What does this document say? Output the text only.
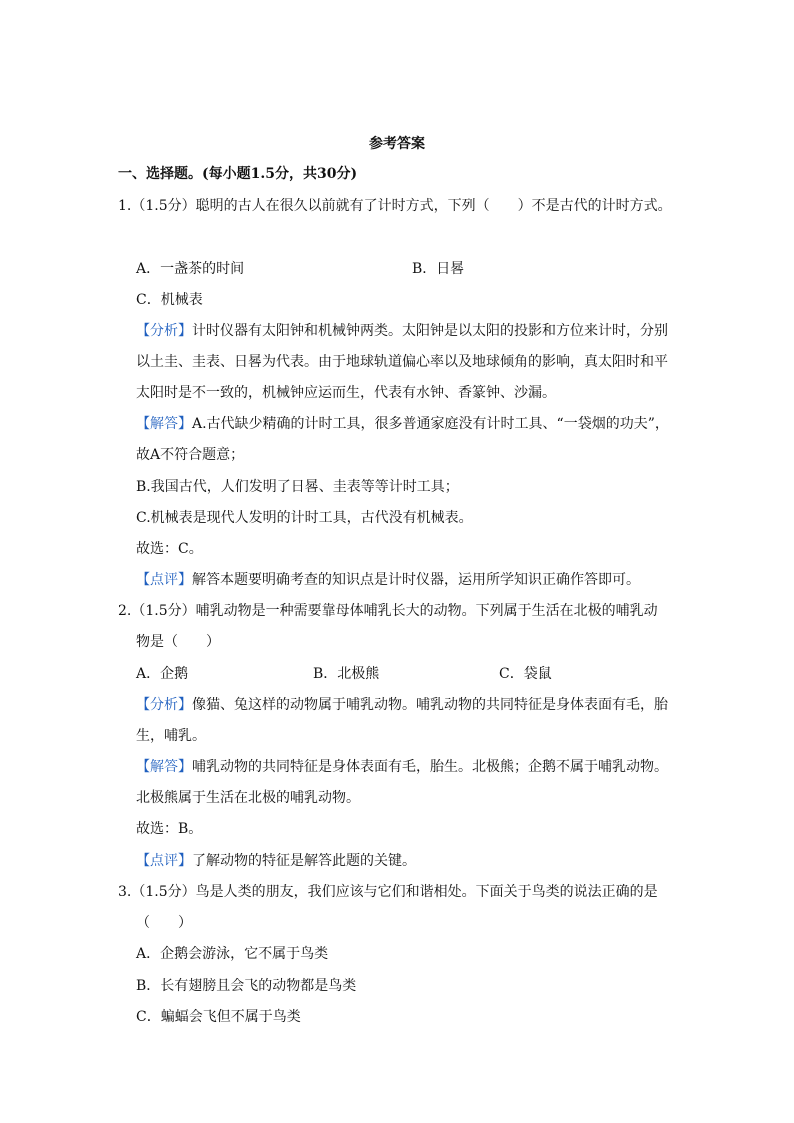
参考答案
一、选择题。(每小题1.5分，共30分)
1.（1.5分）聪明的古人在很久以前就有了计时方式，下列（　　）不是古代的计时方式。
A．一盏茶的时间	B．日晷
C．机械表
【分析】计时仪器有太阳钟和机械钟两类。太阳钟是以太阳的投影和方位来计时，分别
以土圭、圭表、日晷为代表。由于地球轨道偏心率以及地球倾角的影响，真太阳时和平
太阳时是不一致的，机械钟应运而生，代表有水钟、香篆钟、沙漏。
【解答】A.古代缺少精确的计时工具，很多普通家庭没有计时工具、“一袋烟的功夫”，
故A不符合题意；
B.我国古代，人们发明了日晷、圭表等等计时工具；
C.机械表是现代人发明的计时工具，古代没有机械表。
故选：C。
【点评】解答本题要明确考查的知识点是计时仪器，运用所学知识正确作答即可。
2.（1.5分）哺乳动物是一种需要靠母体哺乳长大的动物。下列属于生活在北极的哺乳动
物是（　　）
A．企鹅	B．北极熊	C．袋鼠
【分析】像猫、兔这样的动物属于哺乳动物。哺乳动物的共同特征是身体表面有毛，胎
生，哺乳。
【解答】哺乳动物的共同特征是身体表面有毛，胎生。北极熊；企鹅不属于哺乳动物。
北极熊属于生活在北极的哺乳动物。
故选：B。
【点评】了解动物的特征是解答此题的关键。
3.（1.5分）鸟是人类的朋友，我们应该与它们和谐相处。下面关于鸟类的说法正确的是
（　　）
A．企鹅会游泳，它不属于鸟类
B．长有翅膀且会飞的动物都是鸟类
C．蝙蝠会飞但不属于鸟类
